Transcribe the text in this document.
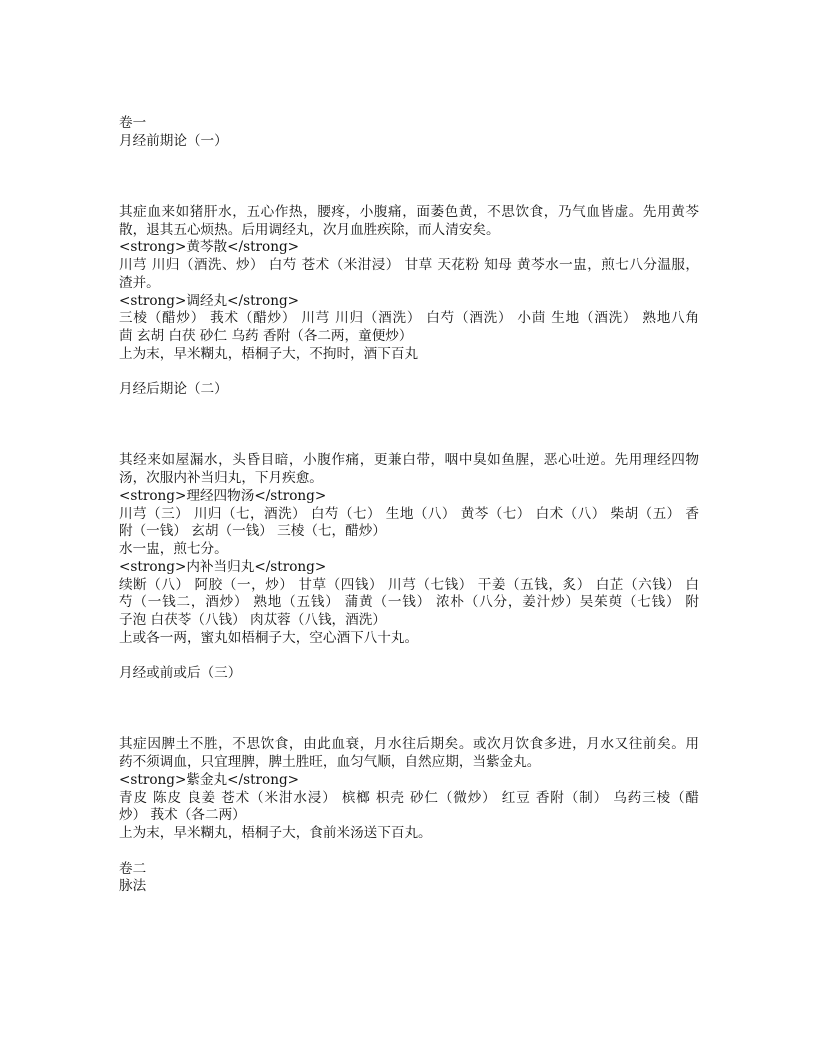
卷一
月经前期论（一）
其症血来如猪肝水，五心作热，腰疼，小腹痛，面萎色黄，不思饮食，乃气血皆虚。先用黄芩
散，退其五心烦热。后用调经丸，次月血胜疾除，而人清安矣。
<strong>黄芩散</strong>
川芎 川归（酒洗、炒） 白芍 苍术（米泔浸） 甘草 天花粉 知母 黄芩水一盅，煎七八分温服，
渣并。
<strong>调经丸</strong>
三棱（醋炒） 莪术（醋炒） 川芎 川归（酒洗） 白芍（酒洗） 小茴 生地（酒洗） 熟地八角
茴 玄胡 白茯 砂仁 乌药 香附（各二两，童便炒）
上为末，早米糊丸，梧桐子大，不拘时，酒下百丸
月经后期论（二）
其经来如屋漏水，头昏目暗，小腹作痛，更兼白带，咽中臭如鱼腥，恶心吐逆。先用理经四物
汤，次服内补当归丸，下月疾愈。
<strong>理经四物汤</strong>
川芎（三） 川归（七，酒洗） 白芍（七） 生地（八） 黄芩（七） 白术（八） 柴胡（五） 香
附（一钱） 玄胡（一钱） 三棱（七，醋炒）
水一盅，煎七分。
<strong>内补当归丸</strong>
续断（八） 阿胶（一，炒） 甘草（四钱） 川芎（七钱） 干姜（五钱，炙） 白芷（六钱） 白
芍（一钱二，酒炒） 熟地（五钱） 蒲黄（一钱） 浓朴（八分，姜汁炒）吴茱萸（七钱） 附
子泡 白茯苓（八钱） 肉苁蓉（八钱，酒洗）
上或各一两，蜜丸如梧桐子大，空心酒下八十丸。
月经或前或后（三）
其症因脾土不胜，不思饮食，由此血衰，月水往后期矣。或次月饮食多进，月水又往前矣。用
药不须调血，只宜理脾，脾土胜旺，血匀气顺，自然应期，当紫金丸。
<strong>紫金丸</strong>
青皮 陈皮 良姜 苍术（米泔水浸） 槟榔 枳壳 砂仁（微炒） 红豆 香附（制） 乌药三棱（醋
炒） 莪术（各二两）
上为末，早米糊丸，梧桐子大，食前米汤送下百丸。
卷二
脉法
